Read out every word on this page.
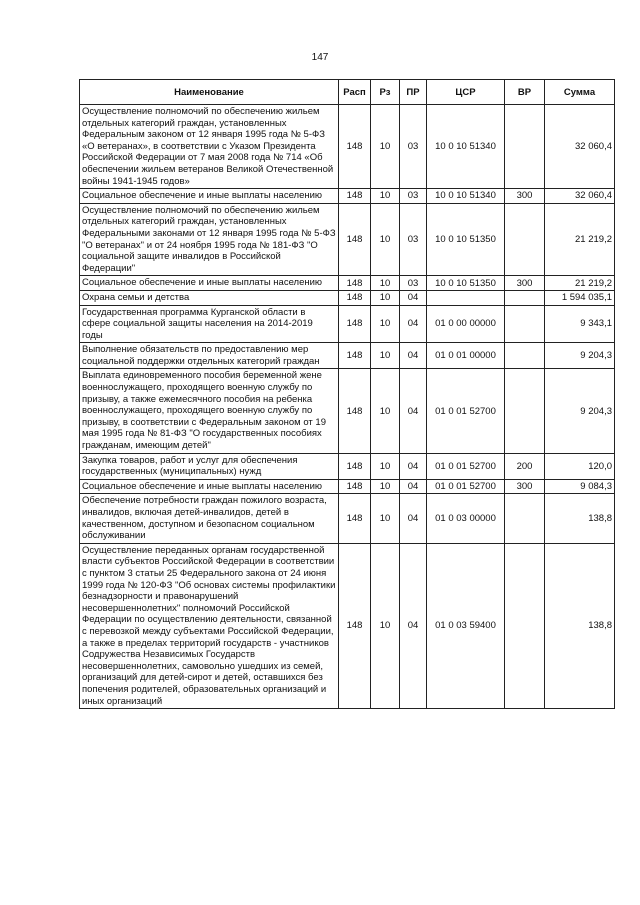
147
Наименование	Расп	Рз	ПР	ЦСР	ВР	Сумма
Осуществление полномочий по обеспечению жильем отдельных категорий граждан, установленных Федеральным законом от 12 января 1995 года № 5-ФЗ «О ветеранах», в соответствии с Указом Президента Российской Федерации от 7 мая 2008 года № 714 «Об обеспечении жильем ветеранов Великой Отечественной войны 1941-1945 годов»	148	10	03	10 0 10 51340		32 060,4
Социальное обеспечение и иные выплаты населению	148	10	03	10 0 10 51340	300	32 060,4
Осуществление полномочий по обеспечению жильем отдельных категорий граждан, установленных Федеральными законами от 12 января 1995 года № 5-ФЗ "О ветеранах" и от 24 ноября 1995 года № 181-ФЗ "О социальной защите инвалидов в Российской Федерации"	148	10	03	10 0 10 51350		21 219,2
Социальное обеспечение и иные выплаты населению	148	10	03	10 0 10 51350	300	21 219,2
Охрана семьи и детства	148	10	04			1 594 035,1
Государственная программа Курганской области в сфере социальной защиты населения на 2014-2019 годы	148	10	04	01 0 00 00000		9 343,1
Выполнение обязательств по предоставлению мер социальной поддержки отдельных категорий граждан	148	10	04	01 0 01 00000		9 204,3
Выплата единовременного пособия беременной жене военнослужащего, проходящего военную службу по призыву, а также ежемесячного пособия на ребенка военнослужащего, проходящего военную службу по призыву, в соответствии с Федеральным законом от 19 мая 1995 года № 81-ФЗ "О государственных пособиях гражданам, имеющим детей"	148	10	04	01 0 01 52700		9 204,3
Закупка товаров, работ и услуг для обеспечения государственных (муниципальных) нужд	148	10	04	01 0 01 52700	200	120,0
Социальное обеспечение и иные выплаты населению	148	10	04	01 0 01 52700	300	9 084,3
Обеспечение потребности граждан пожилого возраста, инвалидов, включая детей-инвалидов, детей в качественном, доступном и безопасном социальном обслуживании	148	10	04	01 0 03 00000		138,8
Осуществление переданных органам государственной власти субъектов Российской Федерации в соответствии с пунктом 3 статьи 25 Федерального закона от 24 июня 1999 года № 120-ФЗ "Об основах системы профилактики безнадзорности и правонарушений несовершеннолетних" полномочий Российской Федерации по осуществлению деятельности, связанной с перевозкой между субъектами Российской Федерации, а также в пределах территорий государств - участников Содружества Независимых Государств несовершеннолетних, самовольно ушедших из семей, организаций для детей-сирот и детей, оставшихся без попечения родителей, образовательных организаций и иных организаций	148	10	04	01 0 03 59400		138,8
